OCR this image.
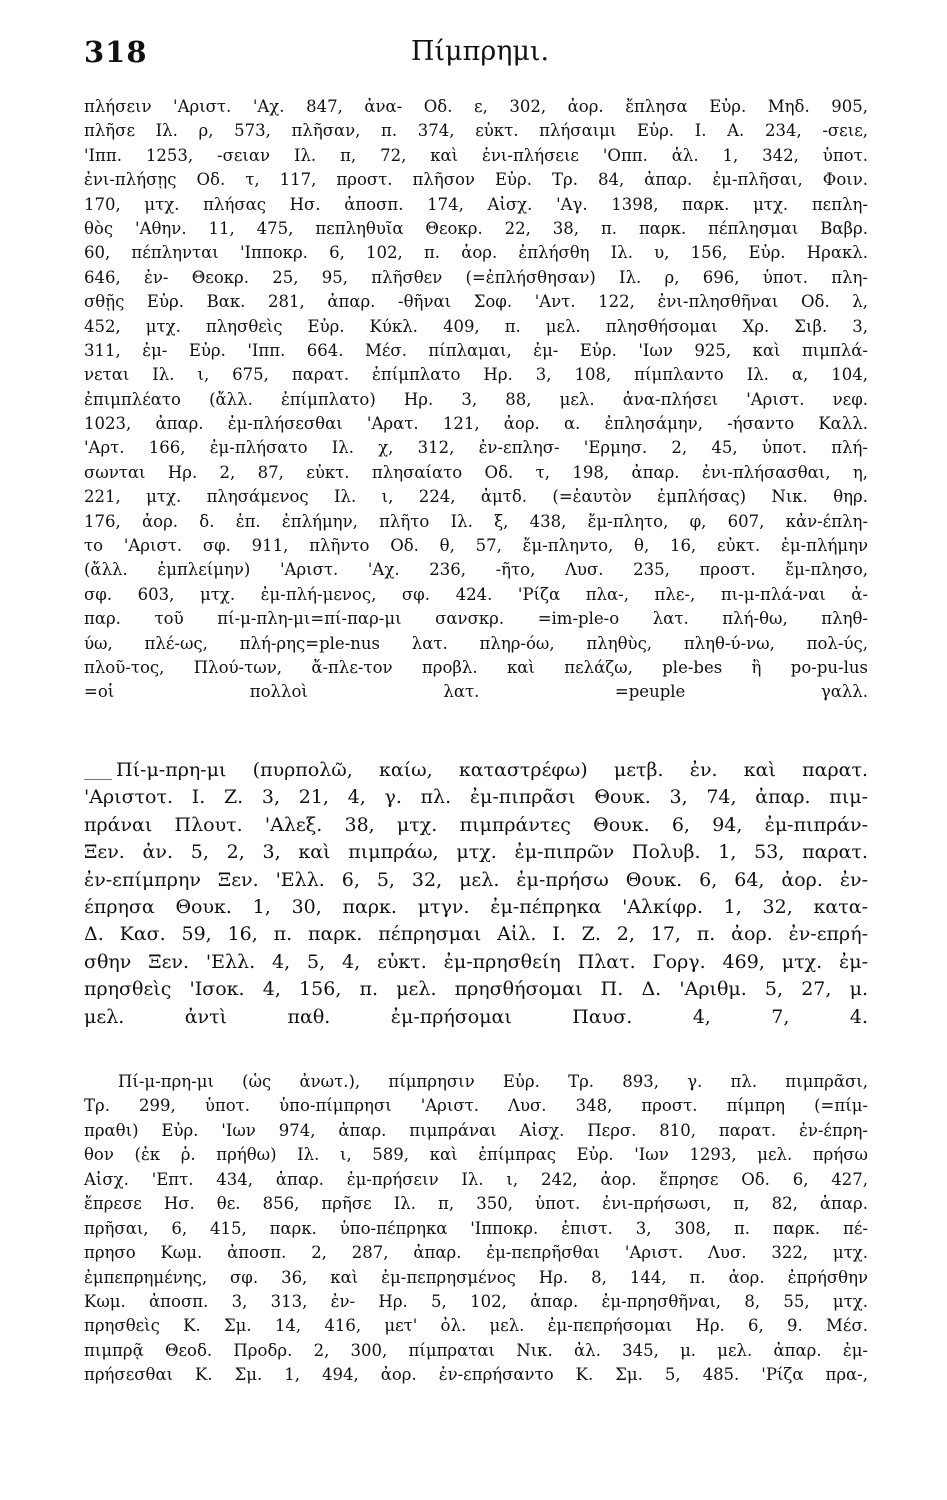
318	Πίμπρημι.
πλήσειν 'Αριστ. 'Αχ. 847, ἀνα- Οδ. ε, 302, ἀορ. ἔπλησα Εὐρ. Μηδ. 905,
πλῆσε Ιλ. ρ, 573, πλῆσαν, π. 374, εὐκτ. πλήσαιμι Εὐρ. Ι. Α. 234, -σειε,
'Ιππ. 1253, -σειαν Ιλ. π, 72, καὶ ἐνι-πλήσειε 'Οππ. ἁλ. 1, 342, ὑποτ.
ἐνι-πλήσῃς Οδ. τ, 117, προστ. πλῆσον Εὐρ. Τρ. 84, ἀπαρ. ἐμ-πλῆσαι, Φοιν.
170, μτχ. πλήσας Ησ. ἀποσπ. 174, Αἰσχ. 'Αγ. 1398, παρκ. μτχ. πεπλη-
θὸς 'Αθην. 11, 475, πεπληθυῖα Θεοκρ. 22, 38, π. παρκ. πέπλησμαι Βαβρ.
60, πέπληνται 'Ιπποκρ. 6, 102, π. ἀορ. ἐπλήσθη Ιλ. υ, 156, Εὐρ. Ηρακλ.
646, ἐν- Θεοκρ. 25, 95, πλῆσθεν (=ἐπλήσθησαν) Ιλ. ρ, 696, ὑποτ. πλη-
σθῇς Εὐρ. Βακ. 281, ἀπαρ. -θῆναι Σοφ. 'Αντ. 122, ἐνι-πλησθῆναι Οδ. λ,
452, μτχ. πλησθεὶς Εὐρ. Κύκλ. 409, π. μελ. πλησθήσομαι Χρ. Σιβ. 3,
311, ἐμ- Εὐρ. 'Ιππ. 664. Μέσ. πίπλαμαι, ἐμ- Εὐρ. 'Ιων 925, καὶ πιμπλά-
νεται Ιλ. ι, 675, παρατ. ἐπίμπλατο Ηρ. 3, 108, πίμπλαντο Ιλ. α, 104,
ἐπιμπλέατο (ἄλλ. ἐπίμπλατο) Ηρ. 3, 88, μελ. ἀνα-πλήσει 'Αριστ. νεφ.
1023, ἀπαρ. ἐμ-πλήσεσθαι 'Αρατ. 121, ἀορ. α. ἐπλησάμην, -ήσαντο Καλλ.
'Αρτ. 166, ἐμ-πλήσατο Ιλ. χ, 312, ἐν-επλησ- 'Ερμησ. 2, 45, ὑποτ. πλή-
σωνται Ηρ. 2, 87, εὐκτ. πλησαίατο Οδ. τ, 198, ἀπαρ. ἐνι-πλήσασθαι, η,
221, μτχ. πλησάμενος Ιλ. ι, 224, ἀμτδ. (=ἑαυτὸν ἐμπλήσας) Νικ. θηρ.
176, ἀορ. δ. ἐπ. ἐπλήμην, πλῆτο Ιλ. ξ, 438, ἔμ-πλητο, φ, 607, κἀν-έπλη-
το 'Αριστ. σφ. 911, πλῆντο Οδ. θ, 57, ἔμ-πληντο, θ, 16, εὐκτ. ἐμ-πλήμην
(ἄλλ. ἐμπλείμην) 'Αριστ. 'Αχ. 236, -ῆτο, Λυσ. 235, προστ. ἔμ-πλησο,
σφ. 603, μτχ. ἐμ-πλή-μενος, σφ. 424. 'Ρίζα πλα-, πλε-, πι-μ-πλά-ναι ἀ-
παρ. τοῦ πί-μ-πλη-μι=πί-παρ-μι σανσκρ. =im-ple-o λατ. πλή-θω, πληθ-
ύω, πλέ-ως, πλή-ρης=ple-nus λατ. πληρ-όω, πληθὺς, πληθ-ύ-νω, πολ-ύς,
πλοῦ-τος, Πλού-των, ἄ-πλε-τον προβλ. καὶ πελάζω, ple-bes ἢ po-pu-lus
=οἱ πολλοὶ λατ. =peuple γαλλ.
Πί-μ-πρη-μι (πυρπολῶ, καίω, καταστρέφω) μετβ. ἐν. καὶ παρατ.
'Αριστοτ. Ι. Ζ. 3, 21, 4, γ. πλ. ἐμ-πιπρᾶσι Θουκ. 3, 74, ἀπαρ. πιμ-
πράναι Πλουτ. 'Αλεξ. 38, μτχ. πιμπράντες Θουκ. 6, 94, ἐμ-πιπράν-
Ξεν. ἀν. 5, 2, 3, καὶ πιμπράω, μτχ. ἐμ-πιπρῶν Πολυβ. 1, 53, παρατ.
ἐν-επίμπρην Ξεν. 'Ελλ. 6, 5, 32, μελ. ἐμ-πρήσω Θουκ. 6, 64, ἀορ. ἐν-
έπρησα Θουκ. 1, 30, παρκ. μτγν. ἐμ-πέπρηκα 'Αλκίφρ. 1, 32, κατα-
Δ. Κασ. 59, 16, π. παρκ. πέπρησμαι Αἰλ. Ι. Ζ. 2, 17, π. ἀορ. ἐν-επρή-
σθην Ξεν. 'Ελλ. 4, 5, 4, εὐκτ. ἐμ-πρησθείη Πλατ. Γοργ. 469, μτχ. ἐμ-
πρησθεὶς 'Ισοκ. 4, 156, π. μελ. πρησθήσομαι Π. Δ. 'Αριθμ. 5, 27, μ.
μελ. ἀντὶ παθ. ἐμ-πρήσομαι Παυσ. 4, 7, 4.
Πί-μ-πρη-μι (ὡς ἀνωτ.), πίμπρησιν Εὐρ. Τρ. 893, γ. πλ. πιμπρᾶσι,
Τρ. 299, ὑποτ. ὑπο-πίμπρησι 'Αριστ. Λυσ. 348, προστ. πίμπρη (=πίμ-
πραθι) Εὐρ. 'Ιων 974, ἀπαρ. πιμπράναι Αἰσχ. Περσ. 810, παρατ. ἐν-έπρη-
θον (ἐκ ῥ. πρήθω) Ιλ. ι, 589, καὶ ἐπίμπρας Εὐρ. 'Ιων 1293, μελ. πρήσω
Αἰσχ. 'Επτ. 434, ἀπαρ. ἐμ-πρήσειν Ιλ. ι, 242, ἀορ. ἔπρησε Οδ. 6, 427,
ἔπρεσε Ησ. θε. 856, πρῆσε Ιλ. π, 350, ὑποτ. ἐνι-πρήσωσι, π, 82, ἀπαρ.
πρῆσαι, 6, 415, παρκ. ὑπο-πέπρηκα 'Ιπποκρ. ἐπιστ. 3, 308, π. παρκ. πέ-
πρησο Κωμ. ἀποσπ. 2, 287, ἀπαρ. ἐμ-πεπρῆσθαι 'Αριστ. Λυσ. 322, μτχ.
ἐμπεπρημένης, σφ. 36, καὶ ἐμ-πεπρησμένος Ηρ. 8, 144, π. ἀορ. ἐπρήσθην
Κωμ. ἀποσπ. 3, 313, ἐν- Ηρ. 5, 102, ἀπαρ. ἐμ-πρησθῆναι, 8, 55, μτχ.
πρησθεὶς Κ. Σμ. 14, 416, μετ' ὀλ. μελ. ἐμ-πεπρήσομαι Ηρ. 6, 9. Μέσ.
πιμπρᾷ Θεοδ. Προδρ. 2, 300, πίμπραται Νικ. ἀλ. 345, μ. μελ. ἀπαρ. ἐμ-
πρήσεσθαι Κ. Σμ. 1, 494, ἀορ. ἐν-επρήσαντο Κ. Σμ. 5, 485. 'Ρίζα πρα-,
